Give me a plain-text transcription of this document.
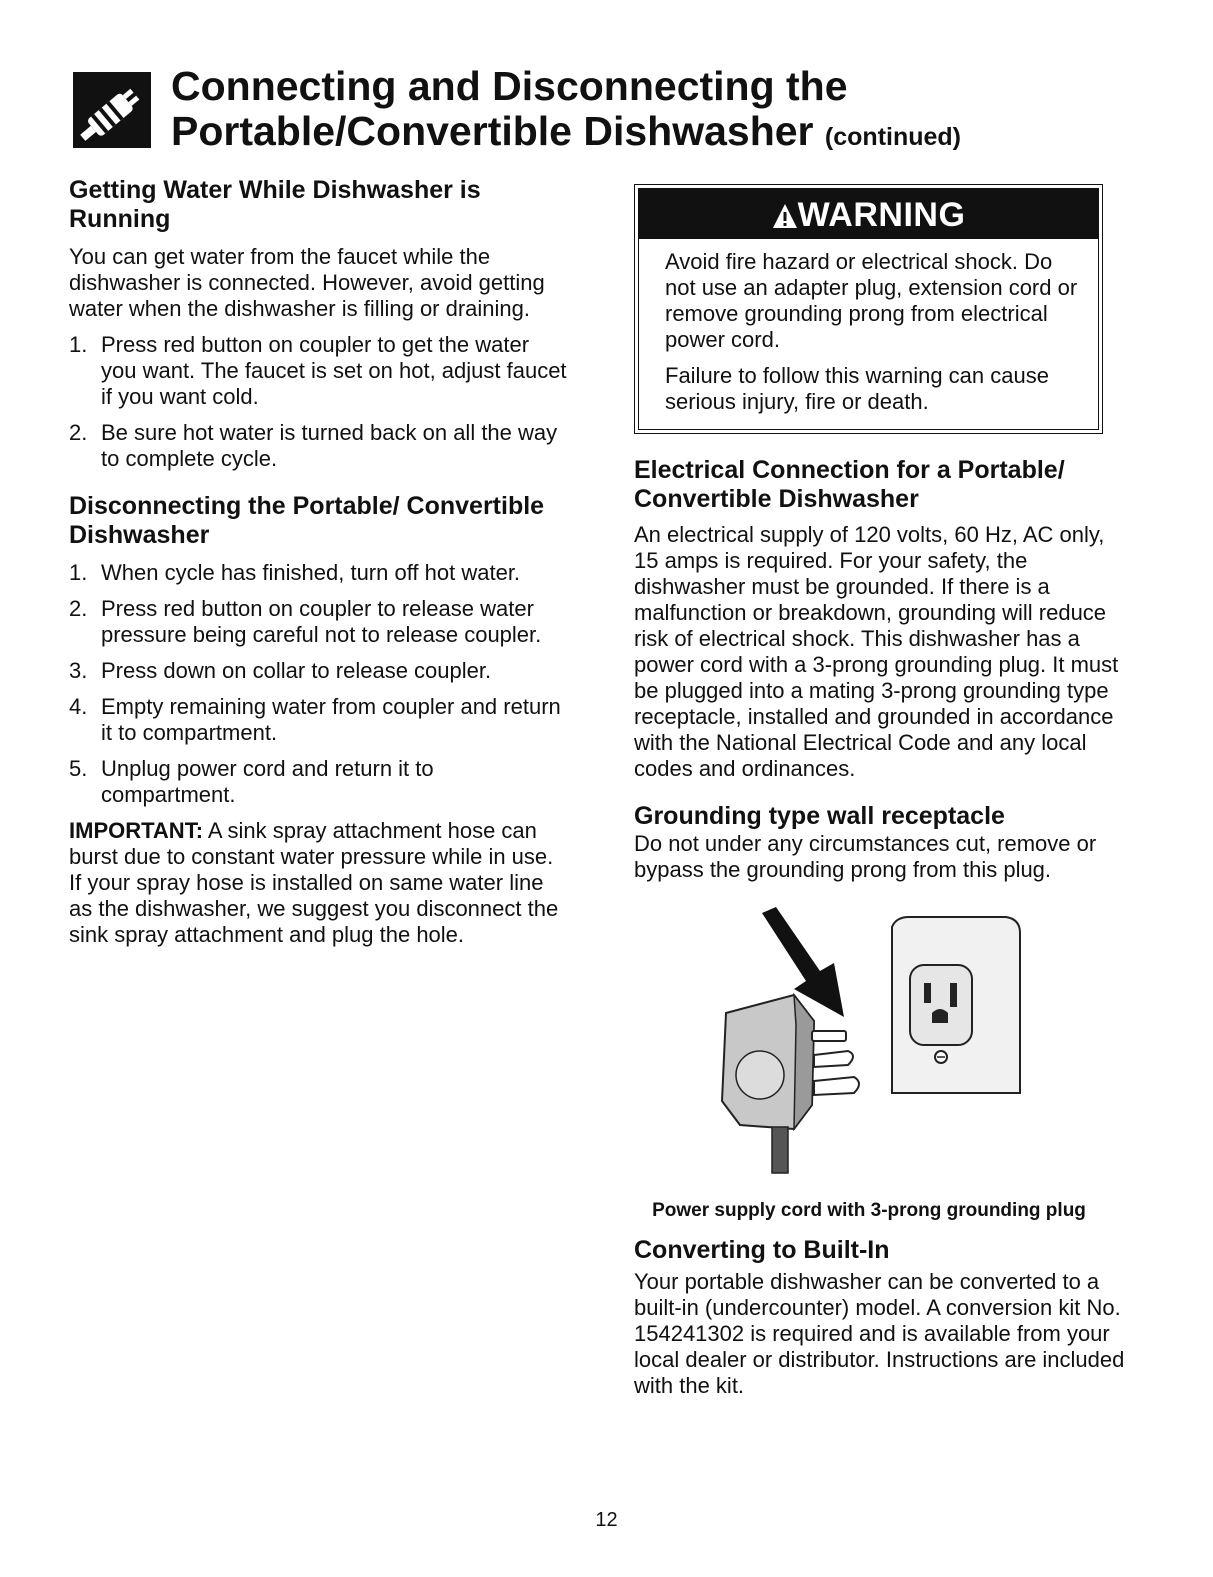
Connecting and Disconnecting the
Portable/Convertible Dishwasher (continued)
Getting Water While Dishwasher is Running

You can get water from the faucet while the dishwasher is connected. However, avoid getting water when the dishwasher is filling or draining.

1. Press red button on coupler to get the water you want. The faucet is set on hot, adjust faucet if you want cold.
2. Be sure hot water is turned back on all the way to complete cycle.
Disconnecting the Portable/ Convertible Dishwasher
1. When cycle has finished, turn off hot water.
2. Press red button on coupler to release water pressure being careful not to release coupler.
3. Press down on collar to release coupler.
4. Empty remaining water from coupler and return it to compartment.
5. Unplug power cord and return it to compartment.

IMPORTANT: A sink spray attachment hose can burst due to constant water pressure while in use. If your spray hose is installed on same water line as the dishwasher, we suggest you disconnect the sink spray attachment and plug the hole.

WARNING

Avoid fire hazard or electrical shock. Do not use an adapter plug, extension cord or remove grounding prong from electrical power cord.

Failure to follow this warning can cause serious injury, fire or death.

Electrical Connection for a Portable/ Convertible Dishwasher

An electrical supply of 120 volts, 60 Hz, AC only, 15 amps is required. For your safety, the dishwasher must be grounded. If there is a malfunction or breakdown, grounding will reduce risk of electrical shock. This dishwasher has a power cord with a 3-prong grounding plug. It must be plugged into a mating 3-prong grounding type receptacle, installed and grounded in accordance with the National Electrical Code and any local codes and ordinances.

Grounding type wall receptacle

Do not under any circumstances cut, remove or bypass the grounding prong from this plug.

Power supply cord with 3-prong grounding plug
Converting to Built-In

Your portable dishwasher can be converted to a built-in (undercounter) model. A conversion kit No. 154241302 is required and is available from your local dealer or distributor. Instructions are included with the kit.

12
